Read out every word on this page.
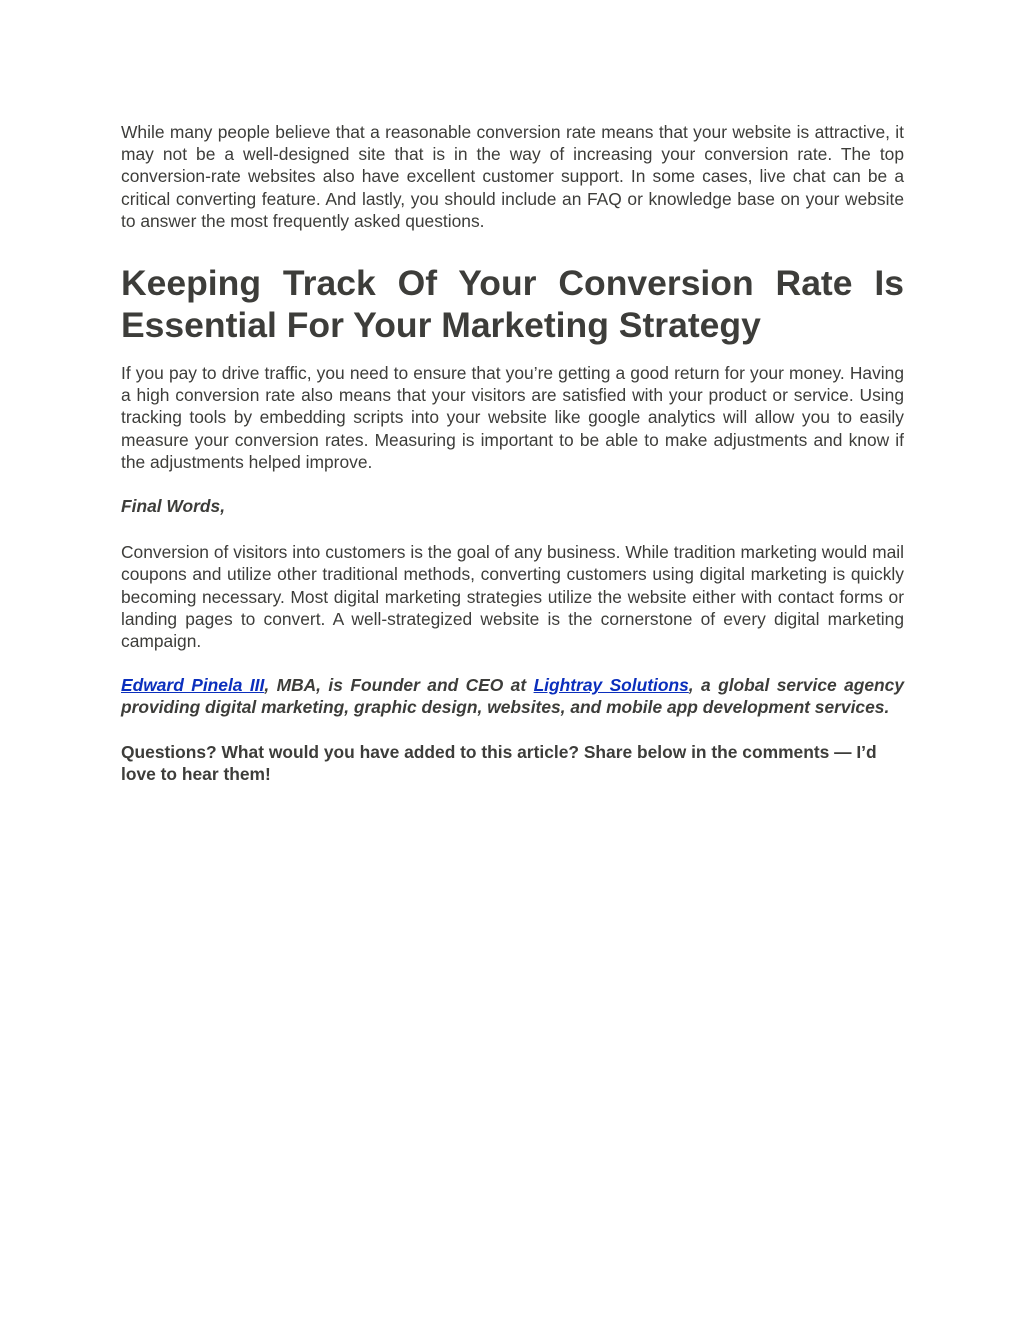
While many people believe that a reasonable conversion rate means that your website is attractive, it may not be a well-designed site that is in the way of increasing your conversion rate. The top conversion-rate websites also have excellent customer support. In some cases, live chat can be a critical converting feature. And lastly, you should include an FAQ or knowledge base on your website to answer the most frequently asked questions.

Keeping Track Of Your Conversion Rate Is Essential For Your Marketing Strategy

If you pay to drive traffic, you need to ensure that you’re getting a good return for your money. Having a high conversion rate also means that your visitors are satisfied with your product or service. Using tracking tools by embedding scripts into your website like google analytics will allow you to easily measure your conversion rates. Measuring is important to be able to make adjustments and know if the adjustments helped improve.

Final Words,

Conversion of visitors into customers is the goal of any business. While tradition marketing would mail coupons and utilize other traditional methods, converting customers using digital marketing is quickly becoming necessary. Most digital marketing strategies utilize the website either with contact forms or landing pages to convert. A well-strategized website is the cornerstone of every digital marketing campaign.

Edward Pinela III, MBA, is Founder and CEO at Lightray Solutions, a global service agency providing digital marketing, graphic design, websites, and mobile app development services.

Questions? What would you have added to this article? Share below in the comments — I’d love to hear them!
